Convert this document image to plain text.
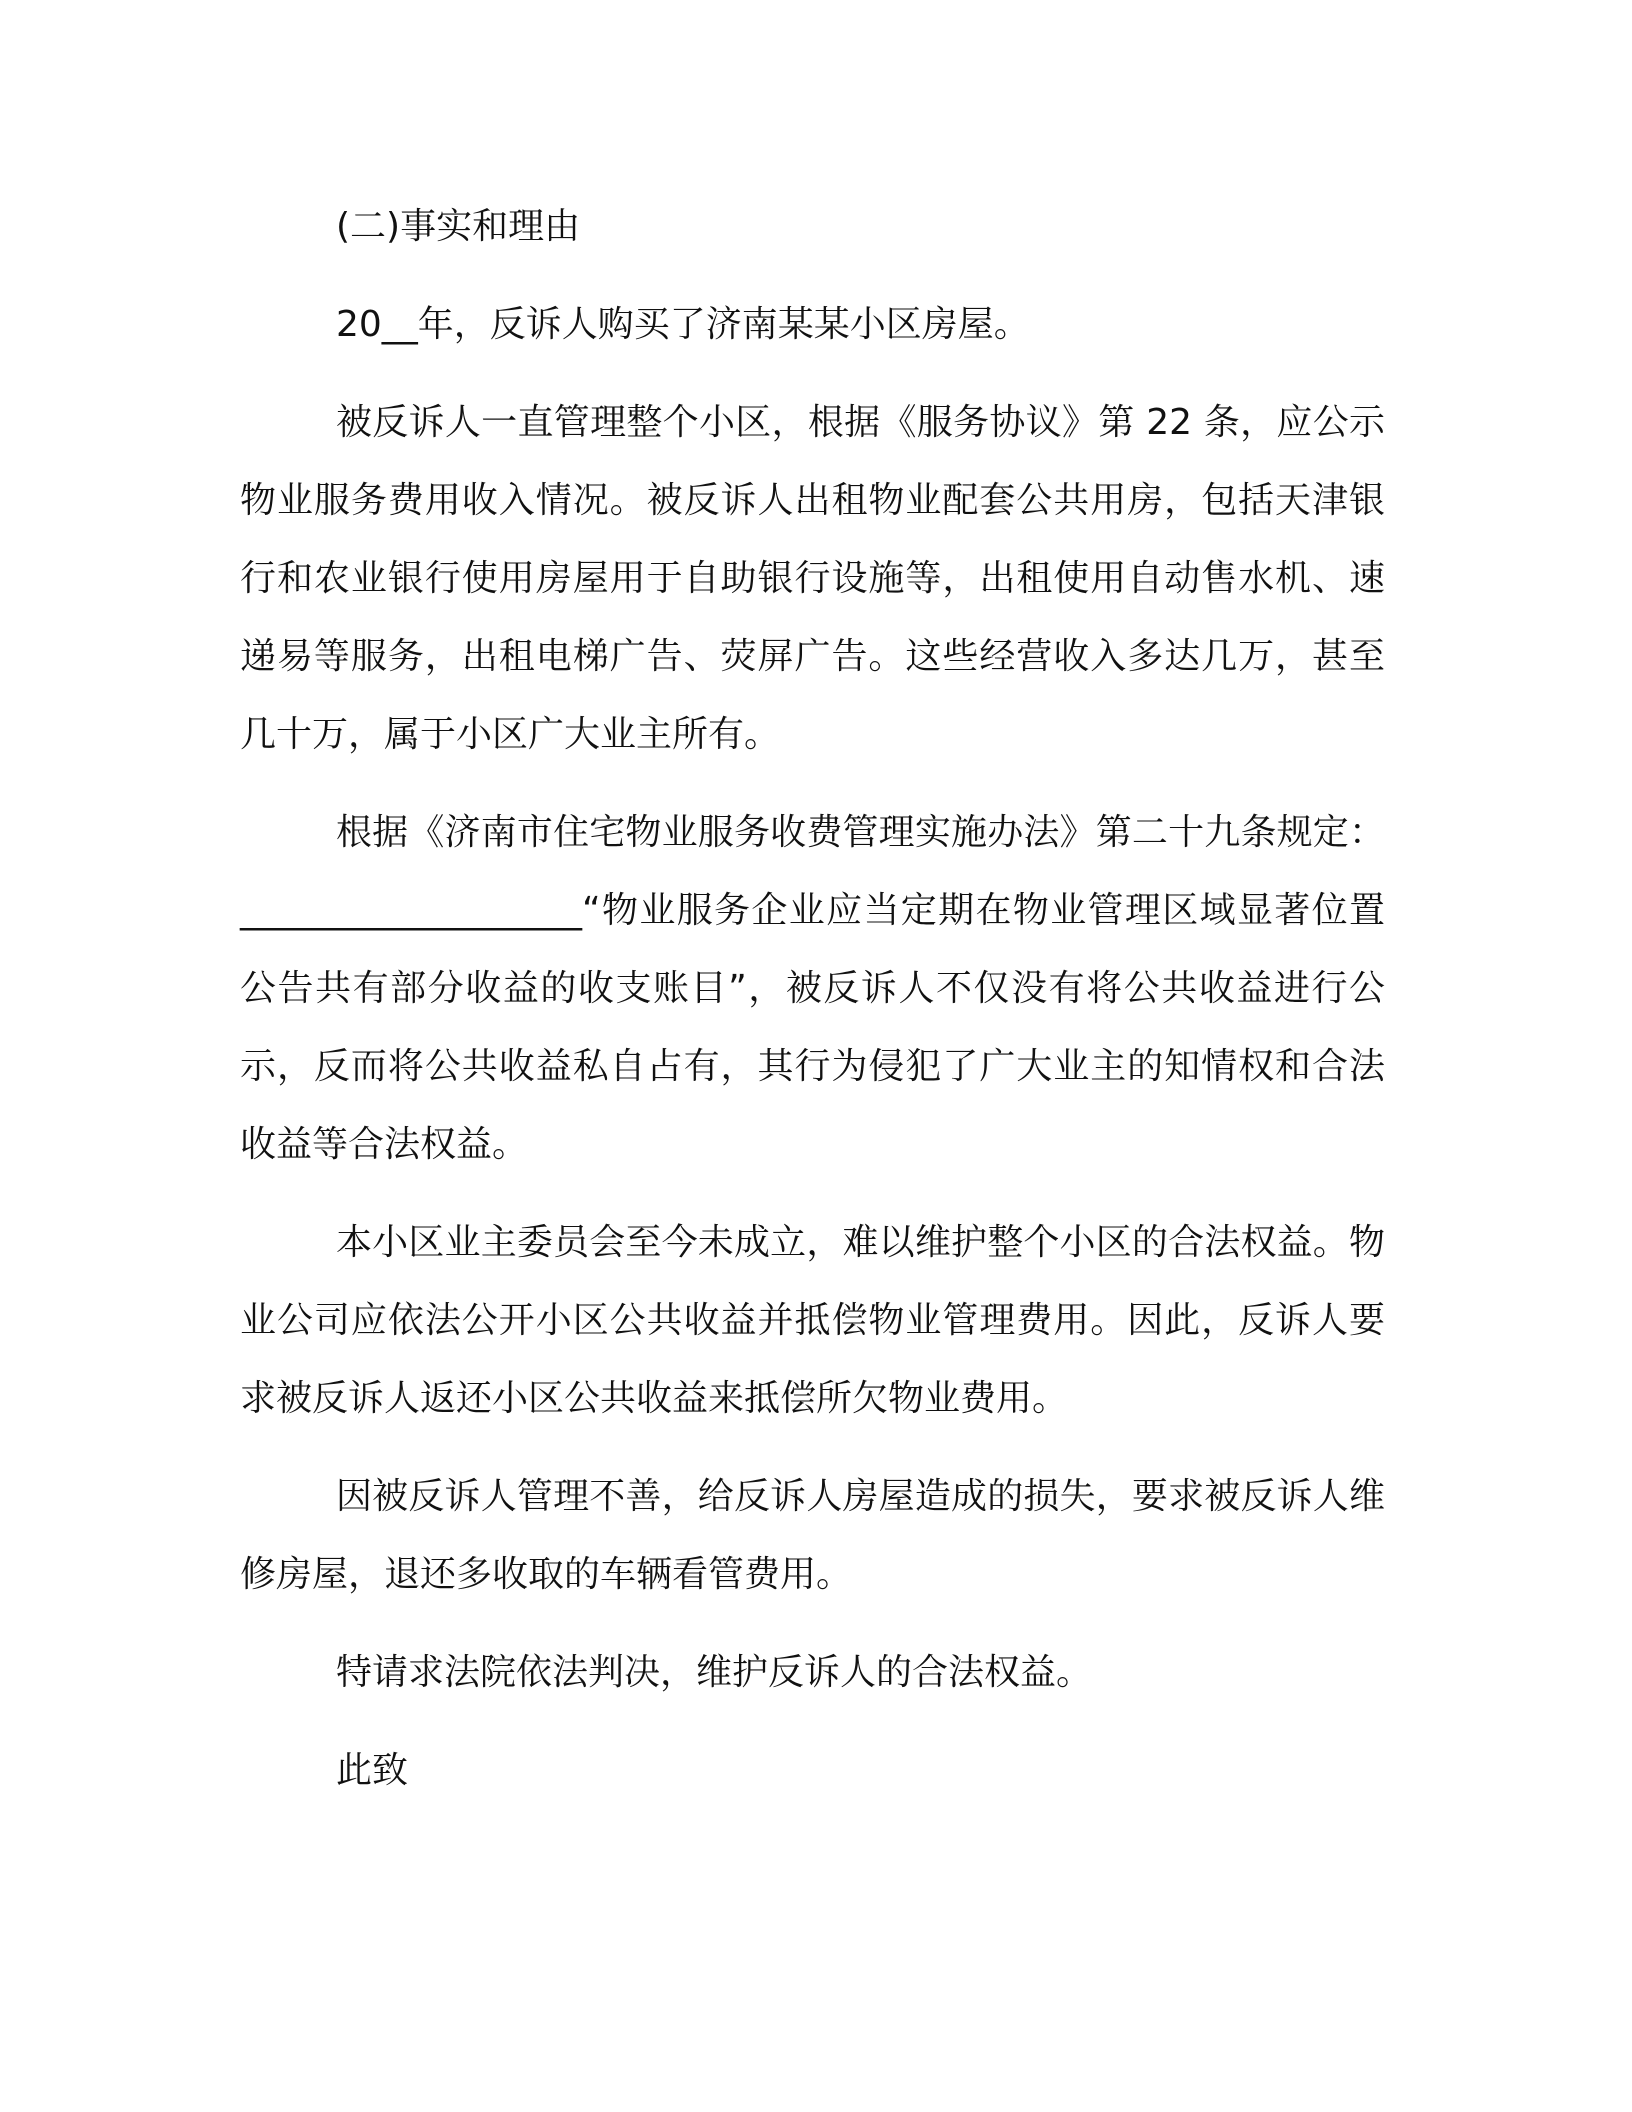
(二)事实和理由

20__年，反诉人购买了济南某某小区房屋。

被反诉人一直管理整个小区，根据《服务协议》第 22 条，应公示物业服务费用收入情况。被反诉人出租物业配套公共用房，包括天津银行和农业银行使用房屋用于自助银行设施等，出租使用自动售水机、速递易等服务，出租电梯广告、荧屏广告。这些经营收入多达几万，甚至几十万，属于小区广大业主所有。

根据《济南市住宅物业服务收费管理实施办法》第二十九条规定：___________________“物业服务企业应当定期在物业管理区域显著位置公告共有部分收益的收支账目”，被反诉人不仅没有将公共收益进行公示，反而将公共收益私自占有，其行为侵犯了广大业主的知情权和合法收益等合法权益。

本小区业主委员会至今未成立，难以维护整个小区的合法权益。物业公司应依法公开小区公共收益并抵偿物业管理费用。因此，反诉人要求被反诉人返还小区公共收益来抵偿所欠物业费用。

因被反诉人管理不善，给反诉人房屋造成的损失，要求被反诉人维修房屋，退还多收取的车辆看管费用。

特请求法院依法判决，维护反诉人的合法权益。

此致
